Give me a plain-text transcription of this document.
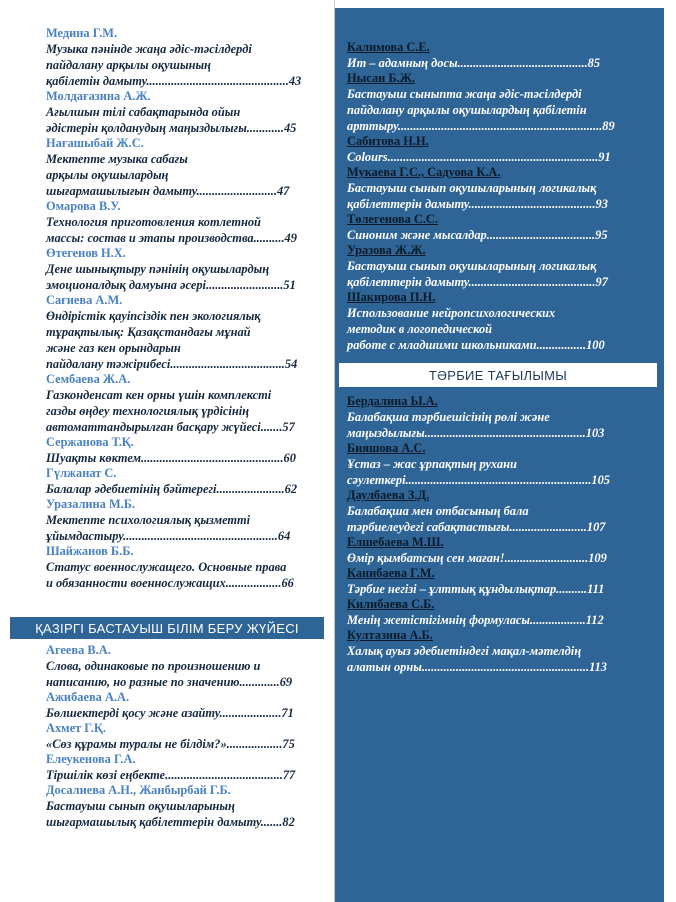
Медина Г.М.
Музыка пәнінде жаңа әдіс-тәсілдерді
пайдалану арқылы оқушының
қабілетін дамыту..............................................43
Молдағазина А.Ж.
Ағылшын тілі сабақтарында ойын
әдістерін қолданудың маңыздылығы............45
Нағашыбай Ж.С.
Мектепте музыка сабағы
арқылы оқушылардың
шығармашылығын дамыту..........................47
Омарова В.У.
Технология приготовления котлетной
массы: состав и этапы производства..........49
Өтегенов Н.Х.
Дене шынықтыру пәнінің оқушылардың
эмоционалдық дамуына әсері.........................51
Сағиева А.М.
Өндірістік қауіпсіздік пен экологиялық
тұрақтылық: Қазақстандағы мұнай
және газ кен орындарын
пайдалану тәжірибесі.....................................54
Сембаева Ж.А.
Газконденсат кен орны үшін комплексті
газды өңдеу технологиялық үрдісінің
автоматтандырылған басқару жүйесі.......57
Сержанова Т.Қ.
Шуақты көктем..............................................60
Гүлжанат С.
Балалар әдебиетінің бәйтерегі......................62
Уразалина М.Б.
Мектепте психологиялық қызметті
ұйымдастыру..................................................64
Шайжанов Б.Б.
Статус военнослужащего. Основные права
и обязанности военнослужащих..................66
ҚАЗІРГІ БАСТАУЫШ БІЛІМ БЕРУ ЖҮЙЕСІ
Агеева В.А.
Слова, одинаковые по произношению и
написанию, но разные по значению.............69
Ажибаева А.А.
Бөлшектерді қосу және азайту....................71
Ахмет Г.Қ.
«Сөз құрамы туралы не білдім?»..................75
Елеукенова Г.А.
Тіршілік көзі еңбекте......................................77
Досалиева А.Н., Жанбырбай Г.Б.
Бастауыш сынып оқушыларының
шығармашылық қабілеттерін дамыту.......82
Калимова С.Е.
Ит – адамның досы..........................................85
Нысан Б.Ж.
Бастауыш сыныпта жаңа әдіс-тәсілдерді
пайдалану арқылы оқушылардың қабілетін
арттыру..................................................................89
Сабитова Н.Н.
Colours....................................................................91
Мукаева Г.С., Садуова К.А.
Бастауыш сынып оқушыларының логикалық
қабілеттерін дамыту.........................................93
Төлегенова С.С.
Синоним және мысалдар...................................95
Уразова Ж.Ж.
Бастауыш сынып оқушыларының логикалық
қабілеттерін дамыту.........................................97
Шакирова П.Н.
Использование нейропсихологических
методик в логопедической
работе с младшими школьниками................100
ТӘРБИЕ ТАҒЫЛЫМЫ
Бердалина Ы.А.
Балабақша тәрбиешісінің рөлі және
маңыздылығы....................................................103
Бияшова А.С.
Ұстаз – жас ұрпақтың рухани
сәулеткері............................................................105
Даулбаева З.Д.
Балабақша мен отбасының бала
тәрбиелеудегі сабақтастығы.........................107
Елшебаева М.Ш.
Өмір қымбатсың сен маған!...........................109
Канибаева Г.М.
Тәрбие негізі – ұлттық құндылықтар..........111
Килибаева С.Б.
Менің жетістігімнің формуласы..................112
Култазина А.Б.
Халық ауыз әдебиетіндегі мақал-мәтелдің
алатын орны......................................................113
